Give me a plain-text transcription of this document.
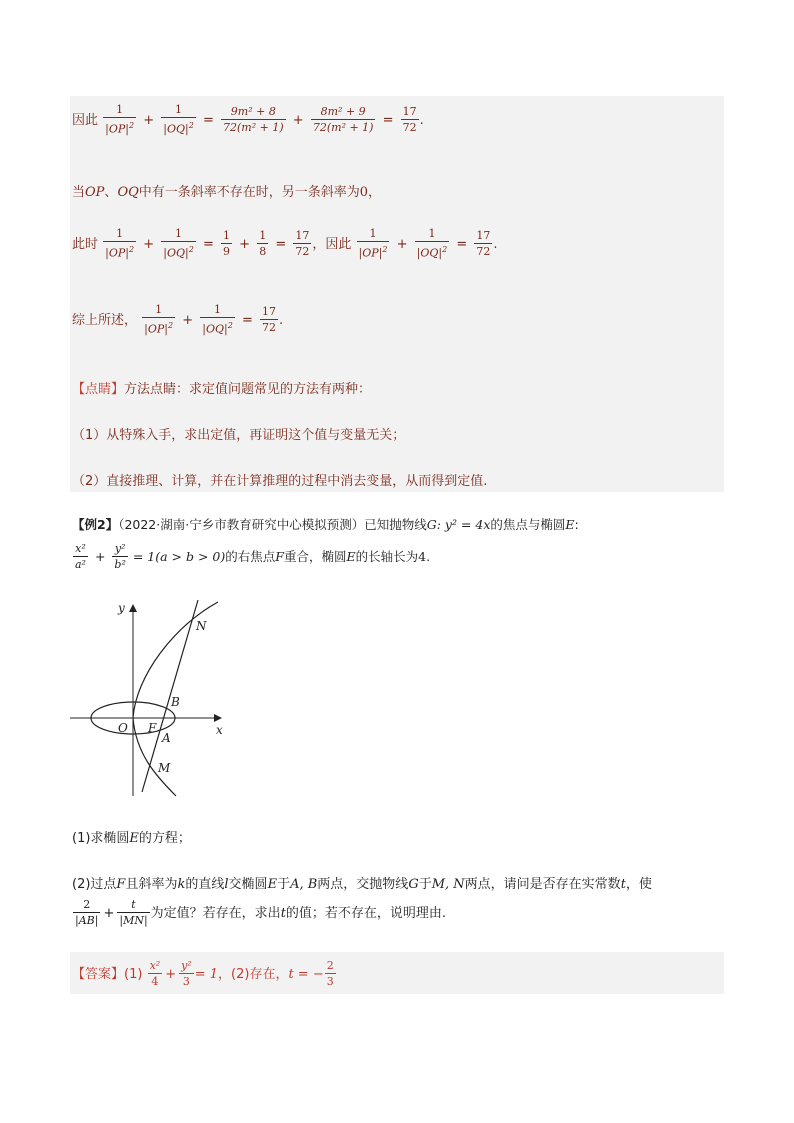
因此 $\frac{1}{|OP|^2} + \frac{1}{|OQ|^2} = \frac{\text{9m² + 8}}{\text{72(m² + 1)}} + \frac{\text{8m² + 9}}{\text{72(m² + 1)}} = \frac{17}{72}$ .
当OP、OQ中有一条斜率不存在时，另一条斜率为0，
此时 $\frac{1}{|OP|^2} + \frac{1}{|OQ|^2} = \frac{1}{9} + \frac{1}{8} = \frac{17}{72}$ ，因此 $\frac{1}{|OP|^2} + \frac{1}{|OQ|^2} = \frac{17}{72}$ .
综上所述， $\frac{1}{|OP|^2} + \frac{1}{|OQ|^2} = \frac{17}{72}$ .
【点睛】方法点睛：求定值问题常见的方法有两种：
（1）从特殊入手，求出定值，再证明这个值与变量无关；
（2）直接推理、计算，并在计算推理的过程中消去变量，从而得到定值.
【例2】（2022·湖南·宁乡市教育研究中心模拟预测）已知抛物线G: y² = 4x的焦点与椭圆E:
$\frac{\text{x²}}{\text{a²}} + \frac{\text{y²}}{\text{b²}} = 1(a > b > 0)$的右焦点F重合，椭圆E的长轴长为4.
y
x
O F
A
B
M
N
(1)求椭圆E的方程；
(2)过点F且斜率为k的直线l交椭圆E于A, B两点，交抛物线G于M, N两点，请问是否存在实常数t，使
$\frac{2}{|AB|} + \frac{t}{|MN|}$ 为定值？若存在，求出t的值；若不存在，说明理由.
【答案】$(1) \frac{\text{x²}}{4} + \frac{\text{y²}}{3} = 1$，(2)存在，t = − $\frac{2}{3}$
